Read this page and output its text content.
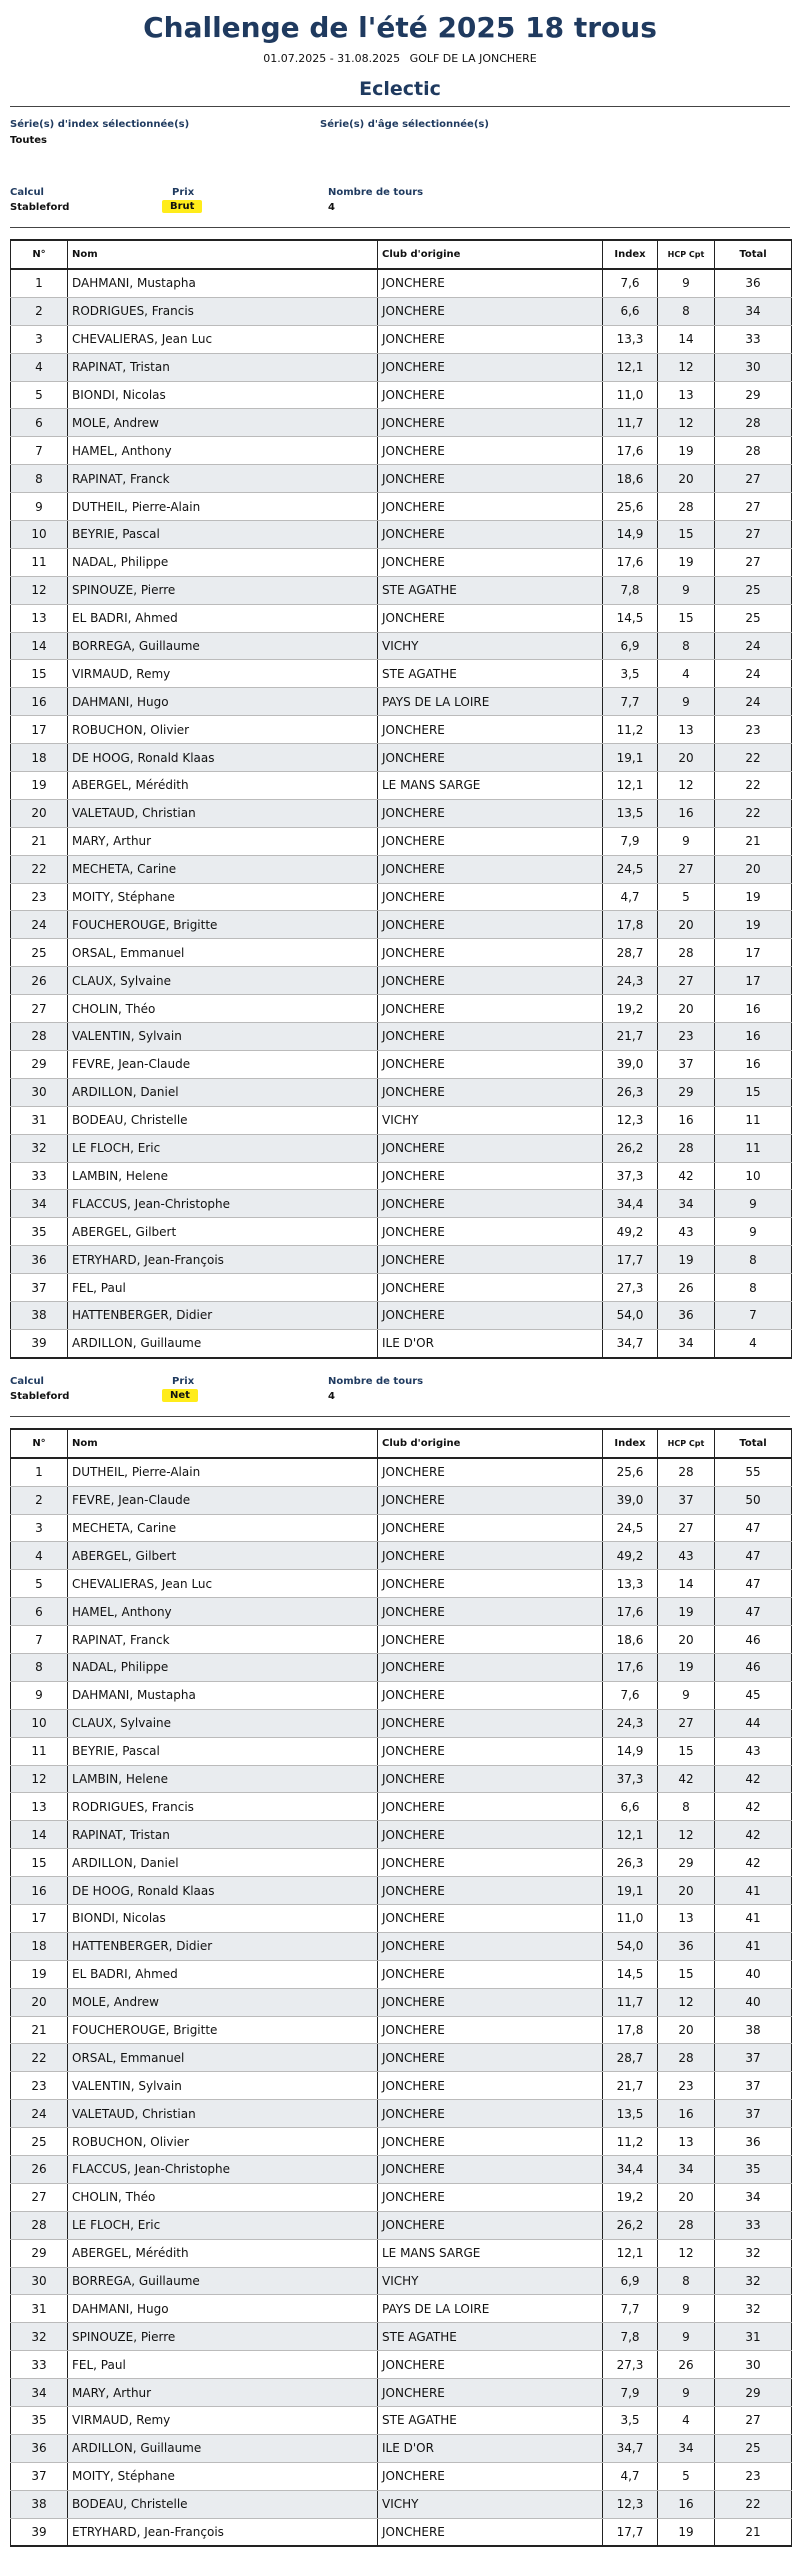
Challenge de l'été 2025 18 trous
01.07.2025 - 31.08.2025 GOLF DE LA JONCHERE
Eclectic
Série(s) d'index sélectionnée(s)
Toutes
Série(s) d'âge sélectionnée(s)
Calcul
Stableford
Prix
Brut
Nombre de tours
4
N°	Nom	Club d'origine	Index	HCP Cpt	Total
1	DAHMANI, Mustapha	JONCHERE	7,6	9	36
2	RODRIGUES, Francis	JONCHERE	6,6	8	34
3	CHEVALIERAS, Jean Luc	JONCHERE	13,3	14	33
4	RAPINAT, Tristan	JONCHERE	12,1	12	30
5	BIONDI, Nicolas	JONCHERE	11,0	13	29
6	MOLE, Andrew	JONCHERE	11,7	12	28
7	HAMEL, Anthony	JONCHERE	17,6	19	28
8	RAPINAT, Franck	JONCHERE	18,6	20	27
9	DUTHEIL, Pierre-Alain	JONCHERE	25,6	28	27
10	BEYRIE, Pascal	JONCHERE	14,9	15	27
11	NADAL, Philippe	JONCHERE	17,6	19	27
12	SPINOUZE, Pierre	STE AGATHE	7,8	9	25
13	EL BADRI, Ahmed	JONCHERE	14,5	15	25
14	BORREGA, Guillaume	VICHY	6,9	8	24
15	VIRMAUD, Remy	STE AGATHE	3,5	4	24
16	DAHMANI, Hugo	PAYS DE LA LOIRE	7,7	9	24
17	ROBUCHON, Olivier	JONCHERE	11,2	13	23
18	DE HOOG, Ronald Klaas	JONCHERE	19,1	20	22
19	ABERGEL, Mérédith	LE MANS SARGE	12,1	12	22
20	VALETAUD, Christian	JONCHERE	13,5	16	22
21	MARY, Arthur	JONCHERE	7,9	9	21
22	MECHETA, Carine	JONCHERE	24,5	27	20
23	MOITY, Stéphane	JONCHERE	4,7	5	19
24	FOUCHEROUGE, Brigitte	JONCHERE	17,8	20	19
25	ORSAL, Emmanuel	JONCHERE	28,7	28	17
26	CLAUX, Sylvaine	JONCHERE	24,3	27	17
27	CHOLIN, Théo	JONCHERE	19,2	20	16
28	VALENTIN, Sylvain	JONCHERE	21,7	23	16
29	FEVRE, Jean-Claude	JONCHERE	39,0	37	16
30	ARDILLON, Daniel	JONCHERE	26,3	29	15
31	BODEAU, Christelle	VICHY	12,3	16	11
32	LE FLOCH, Eric	JONCHERE	26,2	28	11
33	LAMBIN, Helene	JONCHERE	37,3	42	10
34	FLACCUS, Jean-Christophe	JONCHERE	34,4	34	9
35	ABERGEL, Gilbert	JONCHERE	49,2	43	9
36	ETRYHARD, Jean-François	JONCHERE	17,7	19	8
37	FEL, Paul	JONCHERE	27,3	26	8
38	HATTENBERGER, Didier	JONCHERE	54,0	36	7
39	ARDILLON, Guillaume	ILE D'OR	34,7	34	4
Calcul
Stableford
Prix
Net
Nombre de tours
4
N°	Nom	Club d'origine	Index	HCP Cpt	Total
1	DUTHEIL, Pierre-Alain	JONCHERE	25,6	28	55
2	FEVRE, Jean-Claude	JONCHERE	39,0	37	50
3	MECHETA, Carine	JONCHERE	24,5	27	47
4	ABERGEL, Gilbert	JONCHERE	49,2	43	47
5	CHEVALIERAS, Jean Luc	JONCHERE	13,3	14	47
6	HAMEL, Anthony	JONCHERE	17,6	19	47
7	RAPINAT, Franck	JONCHERE	18,6	20	46
8	NADAL, Philippe	JONCHERE	17,6	19	46
9	DAHMANI, Mustapha	JONCHERE	7,6	9	45
10	CLAUX, Sylvaine	JONCHERE	24,3	27	44
11	BEYRIE, Pascal	JONCHERE	14,9	15	43
12	LAMBIN, Helene	JONCHERE	37,3	42	42
13	RODRIGUES, Francis	JONCHERE	6,6	8	42
14	RAPINAT, Tristan	JONCHERE	12,1	12	42
15	ARDILLON, Daniel	JONCHERE	26,3	29	42
16	DE HOOG, Ronald Klaas	JONCHERE	19,1	20	41
17	BIONDI, Nicolas	JONCHERE	11,0	13	41
18	HATTENBERGER, Didier	JONCHERE	54,0	36	41
19	EL BADRI, Ahmed	JONCHERE	14,5	15	40
20	MOLE, Andrew	JONCHERE	11,7	12	40
21	FOUCHEROUGE, Brigitte	JONCHERE	17,8	20	38
22	ORSAL, Emmanuel	JONCHERE	28,7	28	37
23	VALENTIN, Sylvain	JONCHERE	21,7	23	37
24	VALETAUD, Christian	JONCHERE	13,5	16	37
25	ROBUCHON, Olivier	JONCHERE	11,2	13	36
26	FLACCUS, Jean-Christophe	JONCHERE	34,4	34	35
27	CHOLIN, Théo	JONCHERE	19,2	20	34
28	LE FLOCH, Eric	JONCHERE	26,2	28	33
29	ABERGEL, Mérédith	LE MANS SARGE	12,1	12	32
30	BORREGA, Guillaume	VICHY	6,9	8	32
31	DAHMANI, Hugo	PAYS DE LA LOIRE	7,7	9	32
32	SPINOUZE, Pierre	STE AGATHE	7,8	9	31
33	FEL, Paul	JONCHERE	27,3	26	30
34	MARY, Arthur	JONCHERE	7,9	9	29
35	VIRMAUD, Remy	STE AGATHE	3,5	4	27
36	ARDILLON, Guillaume	ILE D'OR	34,7	34	25
37	MOITY, Stéphane	JONCHERE	4,7	5	23
38	BODEAU, Christelle	VICHY	12,3	16	22
39	ETRYHARD, Jean-François	JONCHERE	17,7	19	21
